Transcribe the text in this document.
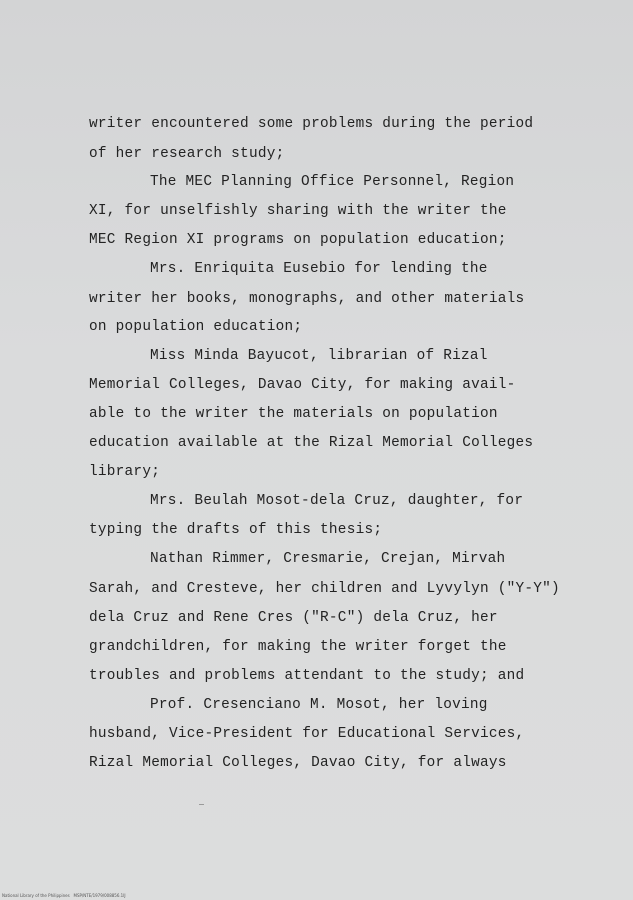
writer encountered some problems during the period
of her research study;
The MEC Planning Office Personnel, Region
XI, for unselfishly sharing with the writer the
MEC Region XI programs on population education;
Mrs. Enriquita Eusebio for lending the
writer her books, monographs, and other materials
on population education;
Miss Minda Bayucot, librarian of Rizal
Memorial Colleges, Davao City, for making avail-
able to the writer the materials on population
education available at the Rizal Memorial Colleges
library;
Mrs. Beulah Mosot-dela Cruz, daughter, for
typing the drafts of this thesis;
Nathan Rimmer, Cresmarie, Crejan, Mirvah
Sarah, and Cresteve, her children and Lyvylyn ("Y-Y")
dela Cruz and Rene Cres ("R-C") dela Cruz, her
grandchildren, for making the writer forget the
troubles and problems attendant to the study; and
Prof. Cresenciano M. Mosot, her loving
husband, Vice-President for Educational Services,
Rizal Memorial Colleges, Davao City, for always
National Library of the Philippines   MSP/NTE/1979/008856.1IJ
